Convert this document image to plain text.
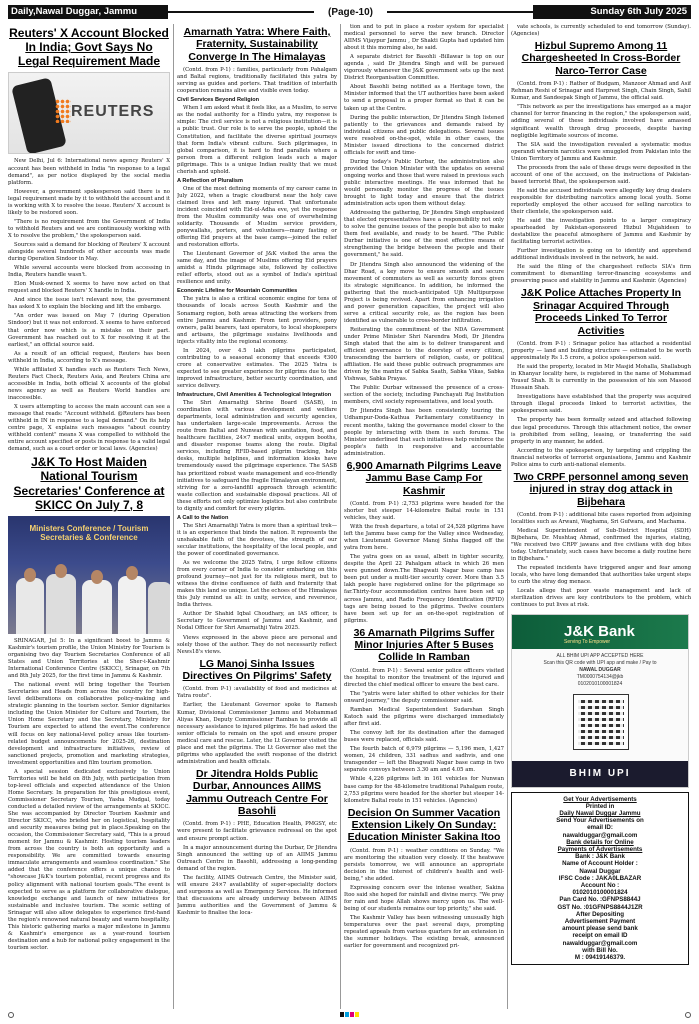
Daily,Nawal Duggar, Jammu	(Page-10)	Sunday 6th July 2025
Reuters' X Account Blocked In India; Govt Says No Legal Requirement Made
REUTERS

New Delhi, Jul 6: International news agency Reuters' X account has been withheld in India "in response to a legal demand", as per notice displayed by the social media platform.

However, a government spokesperson said there is no legal requirement made by it to withhold the account and it is working with X to resolve the issue. Reuters' X account is likely to be restored soon.

"There is no requirement from the Government of India to withhold Reuters and we are continuously working with X to resolve the problem," the spokesperson said.

Sources said a demand for blocking of Reuters' X account alongside several hundreds of other accounts was made during Operation Sindoor in May.

While several accounts were blocked from accessing in India, Reuters handle wasn't.

Elon Musk-owned X seems to have now acted on that request and blocked Reuters' X handle in India.

And since the issue isn't relevant now, the government has asked X to explain the blocking and lift the embargo.

"An order was issued on May 7 (during Operation Sindoor) but it was not enforced. X seems to have enforced that order now which is a mistake on their part. Government has reached out to X for resolving it at the earliest," an official source said.

As a result of an official request, Reuters has been withheld in India, according to X's message.

While affiliated X handles such as Reuters Tech News, Reuters Fact Check, Reuters Asia, and Reuters China are accessible in India, both official X accounts of the global news agency as well as Reuters World handles are inaccessible.

X users attempting to access the main account can see a message that reads: "Account withheld. @Reuters has been withheld in IN in response to a legal demand." On its help centre page, X explains such messages "about country withheld content" means X was compelled to withhold the entire account specified or posts in response to a valid legal demand, such as a court order or local laws. (Agencies)

J&K To Host Maiden National Tourism Secretaries' Conference at SKICC On July 7, 8
Ministers Conference / Tourism Secretaries & Conference

SRINAGAR, Jul 5: In a significant boost to Jammu & Kashmir's tourism profile, the Union Ministry for Tourism is organising two day Tourism Secretaries Conference of all States and Union Territories at the Sher-i-Kashmir International Conference Centre (SKICC), Srinagar, on 7th and 8th July 2025, for the first time in Jammu & Kashmir.

The national event will bring together the Tourism Secretaries and Heads from across the country for high-level deliberations on collaborative policy-making and strategic planning in the tourism sector. Senior dignitaries including the Union Minister for Culture and Tourism, the Union Home Secretary and the Secretary, Ministry for Tourism are expected to attend the event.The conference will focus on key national-level policy areas like tourism-related budget announcements for 2025-26, destination development and infrastructure initiatives, review of sanctioned projects, promotion and marketing strategies, investment opportunities and film tourism promotion.

A special session dedicated exclusively to Union Territories will be held on 8th July, with participation from top-level officials and expected attendance of the Union Home Secretary. In preparation for this prestigious event, Commissioner Secretary Tourism, Yasha Mudgal, today conducted a detailed review of the arrangements at SKICC. She was accompanied by Director Tourism Kashmir and Director SKICC, who briefed her on logistical, hospitality and security measures being put in place.Speaking on the occasion, the Commissioner Secretary said, "This is a proud moment for Jammu & Kashmir. Hosting tourism leaders from across the country is both an opportunity and a responsibility. We are committed towards ensuring immaculate arrangements and seamless coordination." She added that the conference offers a unique chance to "showcase J&K's tourism potential, recent progress and its policy alignment with national tourism goals."The event is expected to serve as a platform for collaborative dialogue, knowledge exchange and launch of new initiatives for sustainable and inclusive tourism. The scenic setting of Srinagar will also allow delegates to experience first-hand the region's renowned natural beauty and warm hospitality. This historic gathering marks a major milestone in Jammu & Kashmir's emergence as a year-round tourism destination and a hub for national policy engagement in the tourism sector.

Amarnath Yatra: Where Faith, Fraternity, Sustainability Converge In The Himalayas

(Contd. from P-1) : families, particularly from Pahalgam and Baltal regions, traditionally facilitated this yatra by serving as guides and porters. That tradition of interfaith cooperation remains alive and visible even today.

Civil Services Beyond Religion

When I am asked what it feels like, as a Muslim, to serve as the nodal authority for a Hindu yatra, my response is simple: The civil service is not a religious institution—it is a public trust. Our role is to serve the people, uphold the Constitution, and facilitate the diverse spiritual journeys that form India's vibrant culture. Such pilgrimages, in global comparison, it is hard to find parallels where a person from a different religion leads such a major pilgrimage. This is a unique Indian reality that we must cherish and uphold.

A Reflection of Pluralism

One of the most defining moments of my career came in July 2022, when a tragic cloudburst near the holy cave claimed lives and left many injured. That unfortunate incident coincided with Eid-ul-Adha eve, yet the response from the Muslim community was one of overwhelming solidarity. Thousands of Muslim service providers, ponywallahs, porters, and volunteers—many fasting or offering Eid prayers at the base camps—joined the relief and restoration efforts.

The Lieutenant Governor of J&K visited the area the same day, and the image of Muslims offering Eid prayers amidst a Hindu pilgrimage site, followed by collective relief efforts, stood out as a symbol of India's spiritual resilience and unity.

Economic Lifeline for Mountain Communities

The yatra is also a critical economic engine for tens of thousands of locals across South Kashmir and the Sonamarg region, both areas attracting the workers from entire Jammu and Kashmir. From tent providers, pony owners, palki bearers, taxi operators, to local shopkeepers and artisans, the pilgrimage sustains livelihoods and injects vitality into the regional economy.

In 2024, over 4.5 lakh pilgrims participated, contributing to a seasonal economy that exceeds ₹300 crore at conservative estimates. The 2025 Yatra is expected to see greater experience for pilgrims due to the improved infrastructure, better security coordination, and service delivery.

Infrastructure, Civil Amenities & Technological Integration

The Shri Amarnathji Shrine Board (SASB), in coordination with various development and welfare departments, local administration and security agencies, has undertaken large-scale improvements. Across the route from Baltal and Nunwan with sanitation, food, and healthcare facilities, 24×7 medical units, oxygen booths, and disaster response teams along the route. Digital services, including RFID-based pilgrim tracking, help desks, multiple helplines, and information kiosks have tremendously eased the pilgrimage experience. The SASB has prioritized robust waste management and eco-friendly initiatives to safeguard the fragile Himalayan environment, striving for a zero-landfill approach through scientific waste collection and sustainable disposal practices. All of these efforts not only optimize logistics but also contribute to dignity and comfort for every pilgrim.

A Call to the Nation

The Shri Amarnathji Yatra is more than a spiritual trek—it is an experience that binds the nation. It represents the unshakable faith of the devotees, the strength of our secular institutions, the hospitality of the local people, and the power of coordinated governance.

As we welcome the 2025 Yatra, I urge fellow citizens from every corner of India to consider embarking on this profound journey—not just for its religious merit, but to witness the divine confluence of faith and fraternity that makes this land so unique. Let the echoes of the Himalayas this July remind us all: in unity, service, and reverence, India thrives.

Author Dr Shahid Iqbal Choudhary, an IAS officer, is Secretary to Government of Jammu and Kashmir, and Nodal Officer for Shri Amarnathji Yatra 2025.

Views expressed in the above piece are personal and solely those of the author. They do not necessarily reflect News18's views.

LG Manoj Sinha Issues Directives On Pilgrims' Safety

(Contd. from P-1) :availability of food and medicines at Yatra route".

Earlier, the Lieutenant Governor spoke to Ramesh Kumar, Divisional Commissioner Jammu and Mohammad Aliyas Khan, Deputy Commissioner Ramban to provide all necessary assistance to injured pilgrims. He had asked the senior officials to remain on the spot and ensure proper medical care and rescue. Later, the Lt Governor visited the place and met the pilgrims. The Lt Governor also met the pilgrims who applauded the swift response of the district administration and health officials.

Dr Jitendra Holds Public Durbar, Announces AIIMS Jammu Outreach Centre For Basohli

(Contd. from P-1) : PHE, Education Health, PMGSY, etc were present to facilitate grievance redressal on the spot and ensure prompt action.

In a major announcement during the Durbar, Dr Jitendra Singh announced the setting up of an AIIMS Jammu Outreach Centre in Basohli, addressing a long-pending demand of the region.

The facility, AIIMS Outreach Centre, the Minister said, will ensure 24×7 availability of super-speciality doctors and surgeons as well as Emergency Services. He informed that discussions are already underway between AIIMS Jammu authorities and the Government of Jammu & Kashmir to finalise the loca-

tion and to put in place a roster system for specialist medical personnel to serve the new branch. Director AIIMS Vijaypur Jammu , Dr Shakti Gupta had updated him about it this morning also, he said.

A separate district for Basohli -Billawar is top on our agenda , said Dr Jitendra Singh and will be pursued vigorously whenever the J&K government sets up the next District Reorganisation Committee.

About Basohli being notified as a Heritage town, the Minister informed that the UT authorities have been asked to send a proposal in a proper format so that it can be taken up at the Centre.

During the public interaction, Dr Jitendra Singh listened patiently to the grievances and demands raised by individual citizens and public delegations. Several issues were resolved on-the-spot, while in other cases, the Minister issued directions to the concerned district officials for swift and time-

During today's Public Durbar, the administration also provided the Union Minister with the updates on several ongoing works and those that were raised in previous such public interactive meetings. He was informed that he would personally monitor the progress of the issues brought to light today and ensure that the district administration acts upon them without delay.

Addressing the gathering, Dr Jitendra Singh emphasized that elected representatives have a responsibility not only to solve the genuine issues of the people but also to make them feel available, and ready to be heard. "The Public Durbar initiative is one of the most effective means of strengthening the bridge between the people and their government," he said.

Dr Jitendra Singh also announced the widening of the Dhar Road, a key move to ensure smooth and secure movement of commuters as well as security forces given its strategic significance. In addition, he informed the gathering that the much-anticipated Ujh Multipurpose Project is being revived. Apart from enhancing irrigation and power generation capacities, the project will also serve a critical security role, as the region has been identified as vulnerable to cross-border infiltration.

Reiterating the commitment of the NDA Government under Prime Minister Shri Narendra Modi, Dr Jitendra Singh stated that the aim is to deliver transparent and efficient governance to the doorstep of every citizen, transcending the barriers of religion, caste, or political affiliation. He said these public outreach programmes are driven by the mantra of Sabka Saath, Sabka Vikas, Sabka Vishwas, Sabka Prayas.

The Public Durbar witnessed the presence of a cross-section of the society, including Panchayati Raj Institution members, civil society representatives, and local youth.

Dr Jitendra Singh has been consistently touring the Udhampur-Doda-Kathua Parliamentary constituency in recent months, taking the governance model closer to the people by interacting with them in such forums. The Minister underlined that such initiatives help reinforce the people's faith in responsive and accountable administration.

6,900 Amarnath Pilgrims Leave Jammu Base Camp For Kashmir

(Contd. from P-1) :2,753 pilgrims were headed for the shorter but steeper 14-kilometre Baltal route in 151 vehicles, they said.

With the fresh departure, a total of 24,528 pilgrims have left the Jammu base camp for the Valley since Wednesday, when Lieutenant Governor Manoj Sinha flagged off the yatra from here.

The yatra goes on as usual, albeit in tighter security, despite the April 22 Pahalgam attack in which 26 men were gunned down.The Bhagwati Nagar base camp has been put under a multi-tier security cover. More than 3.5 lakh people have registered online for the pilgrimage so far.Thirty-four accommodation centres have been set up across Jammu, and Radio Frequency Identification (RFID) tags are being issued to the pilgrims. Twelve counters have been set up for an on-the-spot registration of pilgrims.

36 Amarnath Pilgrims Suffer Minor Injuries After 5 Buses Collide In Ramban

(Contd. from P-1) : Several senior police officers visited the hospital to monitor the treatment of the injured and directed the chief medical officer to ensure the best care.

The "yatris were later shifted to other vehicles for their onward journey," the deputy commissioner said.

Ramban Medical Superintendent Sudarshan Singh Katoch said the pilgrims were discharged immediately after first aid.

The convoy left for its destination after the damaged buses were replaced, officials said.

The fourth batch of 6,979 pilgrims — 5,196 men, 1,427 women, 24 children, 331 sadhus and sadhvis, and one transgender — left the Bhagwati Nagar base camp in two separate convoys between 3.30 am and 4.05 am.

While 4,226 pilgrims left in 161 vehicles for Nunwan base camp for the 48-kilometre traditional Pahalgam route, 2,753 pilgrims were headed for the shorter but steeper 14-kilometre Baltal route in 151 vehicles. (Agencies)

Decision On Summer Vacation Extension Likely On Sunday: Education Minister Sakina Itoo

(Contd. from P-1) : weather conditions on Sunday. "We are monitoring the situation very closely. If the heatwave persists tomorrow, we will announce an appropriate decision in the interest of children's health and well-being," she added.

Expressing concern over the intense weather, Sakina Itoo said she hoped for rainfall and divine mercy. "We pray for rain and hope Allah shows mercy upon us. The well-being of our students remains our top priority," she said.

The Kashmir Valley has been witnessing unusually high temperatures over the past several days, prompting repeated appeals from various quarters for an extension in the summer holidays. The existing break, announced earlier for government and recognized pri-

vate schools, is currently scheduled to end tomorrow (Sunday). (Agencies)

Hizbul Supremo Among 11 Chargesheeted In Cross-Border Narco-Terror Case

(Contd. from P-1) : Rather of Budgam, Manzoor Ahmad and Asif Rehman Reshi of Srinagar and Harpreet Singh, Chain Singh, Sahil Kumar, and Sandeepak Singh of Jammu, the official said.

"This network as per the investigations has emerged as a major channel for terror financing in the region," the spokesperson said, adding several of these individuals involved have amassed significant wealth through drug proceeds, despite having negligible legitimate sources of income.

The SIA said the investigation revealed a systematic modus operandi wherein narcotics were smuggled from Pakistan into the Union Territory of Jammu and Kashmir.

The proceeds from the sale of these drugs were deposited in the account of one of the accused, on the instructions of Pakistan-based terrorist Bhat, the spokesperson said.

He said the accused individuals were allegedly key drug dealers responsible for distributing narcotics among local youth. Some reportedly employed the other accused for selling narcotics to their clientele, the spokesperson said.

He said the investigation points to a larger conspiracy spearheaded by Pakistan-sponsored Hizbul Mujahideen to destabilize the peaceful atmosphere of Jammu and Kashmir by facilitating terrorist activities.

Further investigation is going on to identify and apprehend additional individuals involved in the network, he said.

He said the filing of the chargesheet reflects SIA's firm commitment to dismantling terror-financing ecosystems and preserving peace and stability in Jammu and Kashmir. (Agencies)

J&K Police Attaches Property In Srinagar Acquired Through Proceeds Linked To Terror Activities

(Contd. from P-1) : Srinagar police has attached a residential property — land and building structure — estimated to be worth approximately Rs 1.5 crore, a police spokesperson said.

He said the property, located in Mir Masjid Mohalla, Shallabugh in Khanyar locality here, is registered in the name of Mohammad Yousuf Shah. It is currently in the possession of his son Masood Hussain Shah.

Investigations have established that the property was acquired through illegal proceeds linked to terrorist activities, the spokesperson said.

The property has been formally seized and attached following due legal procedures. Through this attachment notice, the owner is prohibited from selling, leasing, or transferring the said property in any manner, he added.

According to the spokesperson, by targeting and crippling the financial networks of terrorist organisations, Jammu and Kashmir Police aims to curb anti-national elements.

Two CRPF personnel among seven injured in stray dog attack in Bijbehara

(Contd. from P-1) : additional bite cases reported from adjoining localities such as Arwani, Waghama, Sri Gufwara, and Machama.

Medical Superintendent of Sub-District Hospital (SDH) Bijbehara, Dr. Mushtaq Ahmad, confirmed the injuries, stating, "We received two CRPF jawans and five civilians with dog bites today. Unfortunately, such cases have become a daily routine here in Bijbehara."

The repeated incidents have triggered anger and fear among locals, who have long demanded that authorities take urgent steps to curb the stray dog menace.

Locals allege that poor waste management and lack of sterilization drives are key contributors to the problem, which continues to put lives at risk.

J&K Bank
Serving To Empower
ALL BHIM UPI APP ACCEPTED HERE
Scan this QR code with UPI app and make / Pay to
NAWAL DUGGAR
TM0000754134@jkb
0102010100001824
BHIM UPI
Get Your Advertisements
Printed in
Daily Nawal Duggar Jammu
Send Your Advertisements on
email ID:
nawalduggar@gmail.com
Bank details for Online
Payments of Advertisements
Bank : J&K Bank
Name of Account Holder :
Nawal Duggar
IFSC Code : JAKA0LBAZAR
Account No :
0102010100001824
Pan Card No. :GFNPS8844J
GST No. :01GFNPS8844J1ZR
After Depositing
Advertisement Payment
amount please send bank
receipt on email ID
nawalduggar@gmail.com
with Bill No.
M : 09419146379.
